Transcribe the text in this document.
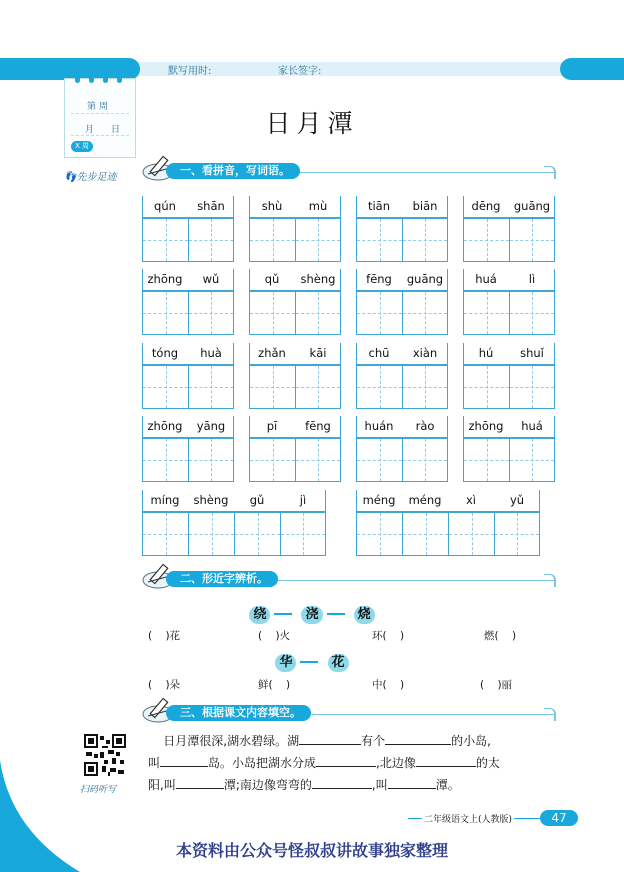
默写用时:	家长签字:
第 周
月 日
X 周
👣先步足迹
日月潭
一、看拼音，写词语。
qún	shān	shù	mù	tiān	biān	dēng	guāng
zhōng	wǔ	qǔ	shèng	fēng	guāng	huá	lì
tóng	huà	zhǎn	kāi	chū	xiàn	hú	shuǐ
zhōng	yāng	pī	fēng	huán	rào	zhōng	huá
míng	shèng	gǔ	jì	méng	méng	xì	yǔ
二、形近字辨析。
绕	浇	烧
(    )花	(    )火	环(    )	燃(    )
华	花
(    )朵	鲜(    )	中(    )	(    )丽
三、根据课文内容填空。
日月潭很深,湖水碧绿。湖	有个	的小岛,
叫	岛。小岛把湖水分成	,北边像	的太
阳,叫	潭;南边像弯弯的	,叫	潭。
扫码听写
二年级语文上(人教版)	47
本资料由公众号怪叔叔讲故事独家整理
